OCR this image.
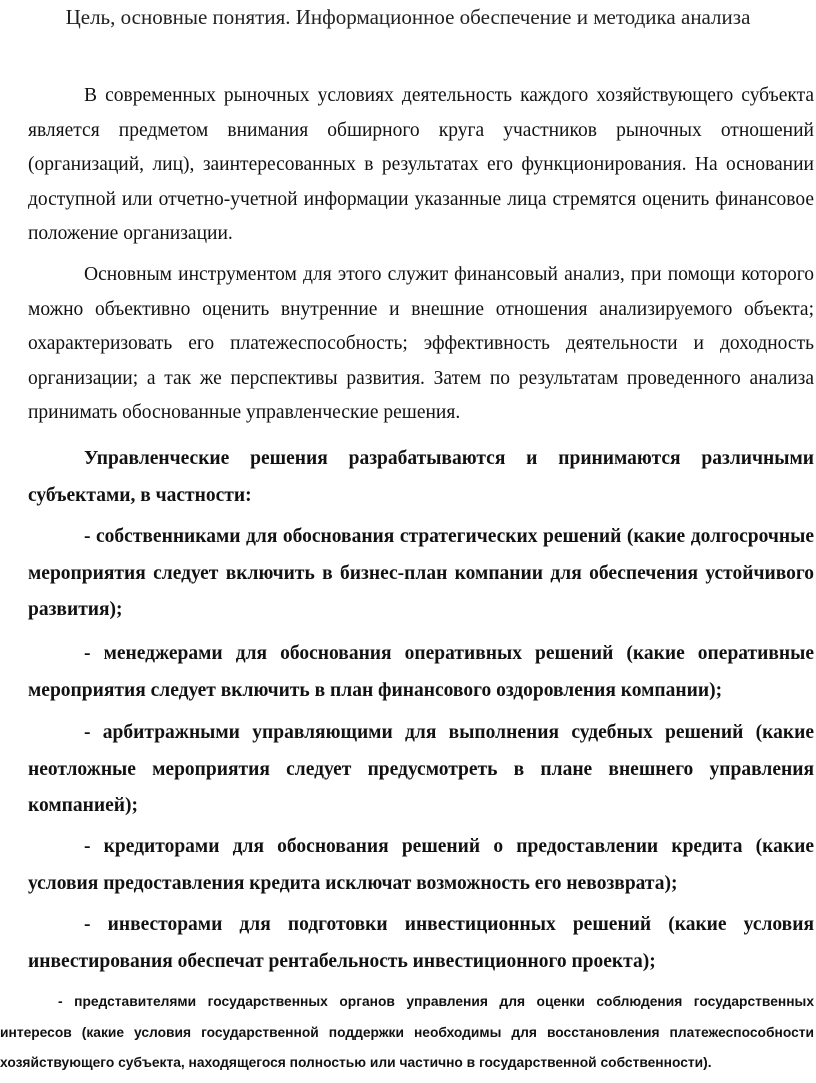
Цель, основные понятия. Информационное обеспечение и методика анализа
В современных рыночных условиях деятельность каждого хозяйствующего субъекта является предметом внимания обширного круга участников рыночных отношений (организаций, лиц), заинтересованных в результатах его функционирования. На основании доступной или отчетно-учетной информации указанные лица стремятся оценить финансовое положение организации.
Основным инструментом для этого служит финансовый анализ, при помощи которого можно объективно оценить внутренние и внешние отношения анализируемого объекта; охарактеризовать его платежеспособность; эффективность деятельности и доходность организации; а так же перспективы развития. Затем по результатам проведенного анализа принимать обоснованные управленческие решения.
Управленческие решения разрабатываются и принимаются различными субъектами, в частности:
- собственниками для обоснования стратегических решений (какие долгосрочные мероприятия следует включить в бизнес-план компании для обеспечения устойчивого развития);
- менеджерами для обоснования оперативных решений (какие оперативные мероприятия следует включить в план финансового оздоровления компании);
- арбитражными управляющими для выполнения судебных решений (какие неотложные мероприятия следует предусмотреть в плане внешнего управления компанией);
- кредиторами для обоснования решений о предоставлении кредита (какие условия предоставления кредита исключат возможность его невозврата);
- инвесторами для подготовки инвестиционных решений (какие условия инвестирования обеспечат рентабельность инвестиционного проекта);
- представителями государственных органов управления для оценки соблюдения государственных интересов (какие условия государственной поддержки необходимы для восстановления платежеспособности хозяйствующего субъекта, находящегося полностью или частично в государственной собственности).
